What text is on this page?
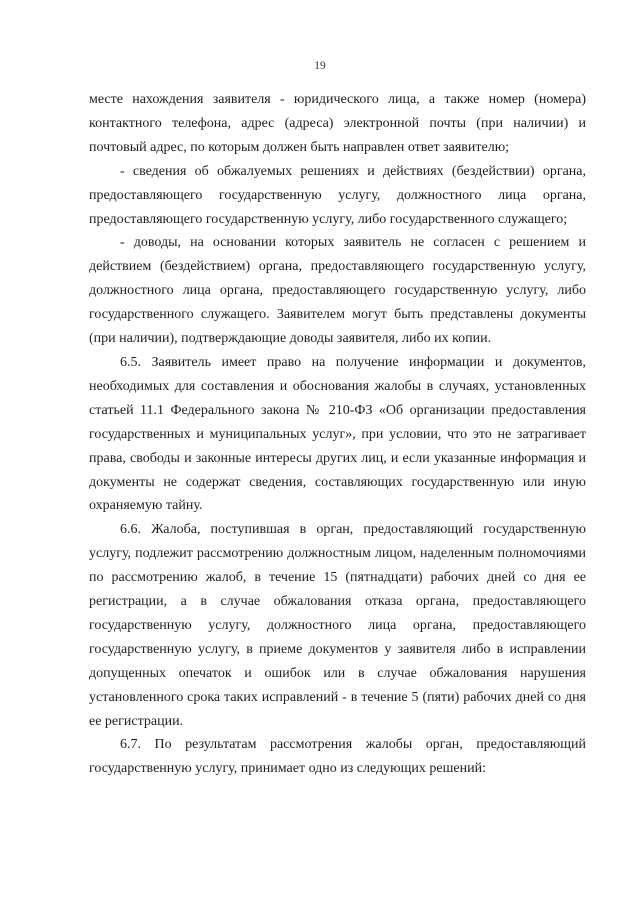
19

месте нахождения заявителя - юридического лица, а также номер (номера) контактного телефона, адрес (адреса) электронной почты (при наличии) и почтовый адрес, по которым должен быть направлен ответ заявителю;

- сведения об обжалуемых решениях и действиях (бездействии) органа, предоставляющего государственную услугу, должностного лица органа, предоставляющего государственную услугу, либо государственного служащего;

- доводы, на основании которых заявитель не согласен с решением и действием (бездействием) органа, предоставляющего государственную услугу, должностного лица органа, предоставляющего государственную услугу, либо государственного служащего. Заявителем могут быть представлены документы (при наличии), подтверждающие доводы заявителя, либо их копии.

6.5. Заявитель имеет право на получение информации и документов, необходимых для составления и обоснования жалобы в случаях, установленных статьей 11.1 Федерального закона № 210-ФЗ «Об организации предоставления государственных и муниципальных услуг», при условии, что это не затрагивает права, свободы и законные интересы других лиц, и если указанные информация и документы не содержат сведения, составляющих государственную или иную охраняемую тайну.

6.6. Жалоба, поступившая в орган, предоставляющий государственную услугу, подлежит рассмотрению должностным лицом, наделенным полномочиями по рассмотрению жалоб, в течение 15 (пятнадцати) рабочих дней со дня ее регистрации, а в случае обжалования отказа органа, предоставляющего государственную услугу, должностного лица органа, предоставляющего государственную услугу, в приеме документов у заявителя либо в исправлении допущенных опечаток и ошибок или в случае обжалования нарушения установленного срока таких исправлений - в течение 5 (пяти) рабочих дней со дня ее регистрации.

6.7. По результатам рассмотрения жалобы орган, предоставляющий государственную услугу, принимает одно из следующих решений:
